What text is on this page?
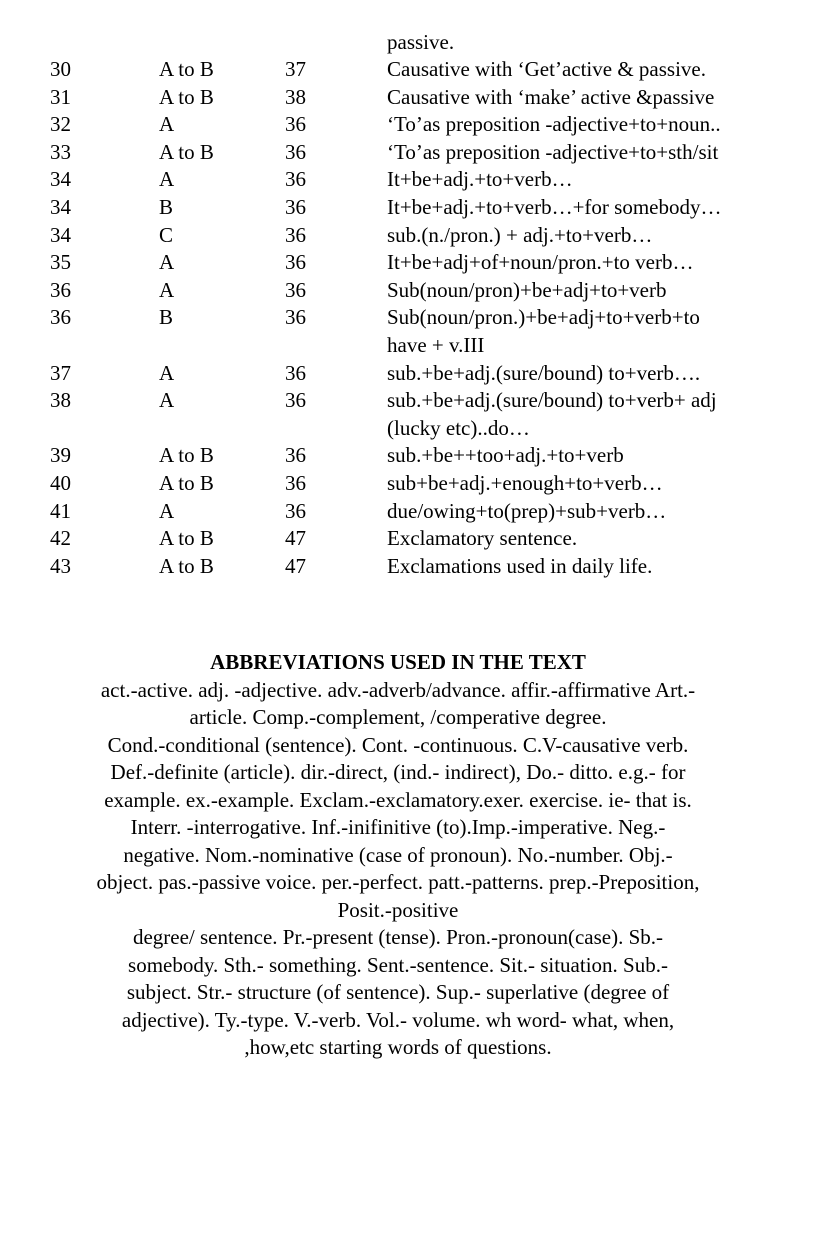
passive.
30	A to B	37	Causative with ‘Get’active & passive.
31	A to B	38	Causative with ‘make’ active &passive
32	A	36	‘To’as preposition -adjective+to+noun..
33	A to B	36	‘To’as preposition -adjective+to+sth/sit
34	A	36	It+be+adj.+to+verb…
34	B	36	It+be+adj.+to+verb…+for somebody…
34	C	36	sub.(n./pron.) + adj.+to+verb…
35	A	36	It+be+adj+of+noun/pron.+to verb…
36	A	36	Sub(noun/pron)+be+adj+to+verb
36	B	36	Sub(noun/pron.)+be+adj+to+verb+to
have + v.III
37	A	36	sub.+be+adj.(sure/bound) to+verb….
38	A	36	sub.+be+adj.(sure/bound) to+verb+ adj
(lucky etc)..do…
39	A to B	36	sub.+be++too+adj.+to+verb
40	A to B	36	sub+be+adj.+enough+to+verb…
41	A	36	due/owing+to(prep)+sub+verb…
42	A to B	47	Exclamatory sentence.
43	A to B	47	Exclamations used in daily life.
ABBREVIATIONS USED IN THE TEXT
act.-active. adj. -adjective. adv.-adverb/advance. affir.-affirmative Art.-
article. Comp.-complement, /comperative degree.
Cond.-conditional (sentence). Cont. -continuous. C.V-causative verb.
Def.-definite (article). dir.-direct, (ind.- indirect), Do.- ditto. e.g.- for
example. ex.-example. Exclam.-exclamatory.exer. exercise. ie- that is.
Interr. -interrogative. Inf.-inifinitive (to).Imp.-imperative. Neg.-
negative. Nom.-nominative (case of pronoun). No.-number. Obj.-
object. pas.-passive voice. per.-perfect. patt.-patterns. prep.-Preposition,
Posit.-positive
degree/ sentence. Pr.-present (tense). Pron.-pronoun(case). Sb.-
somebody. Sth.- something. Sent.-sentence. Sit.- situation. Sub.-
subject. Str.- structure (of sentence). Sup.- superlative (degree of
adjective). Ty.-type. V.-verb. Vol.- volume. wh word- what, when,
,how,etc starting words of questions.
